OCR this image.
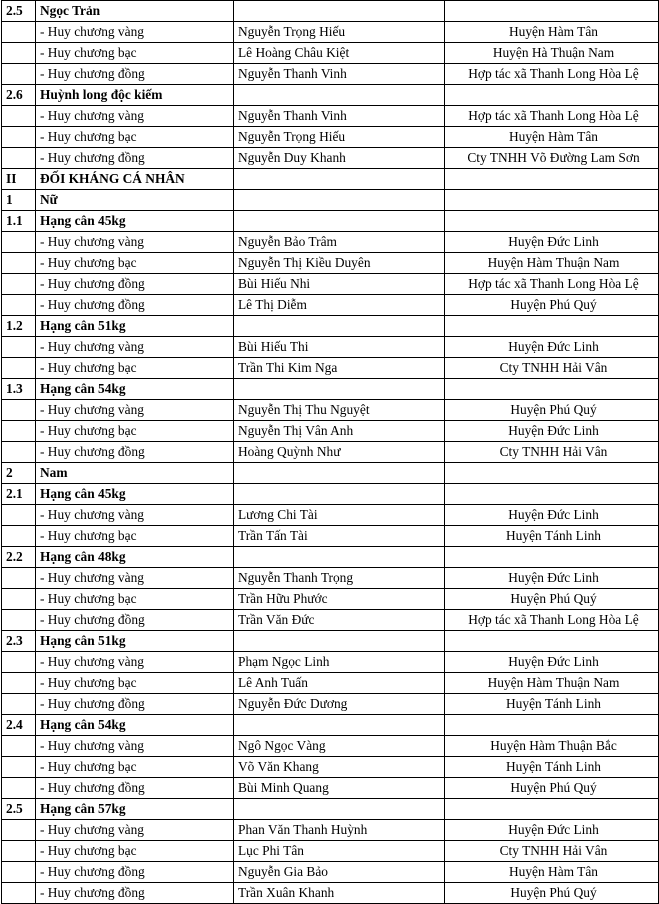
2.5	Ngọc Trản		
	- Huy chương vàng	Nguyễn Trọng Hiếu	Huyện Hàm Tân
	- Huy chương bạc	Lê Hoàng Châu Kiệt	Huyện Hà Thuận Nam
	- Huy chương đồng	Nguyễn Thanh Vinh	Hợp tác xã Thanh Long Hòa Lệ
2.6	Huỳnh long độc kiếm		
	- Huy chương vàng	Nguyễn Thanh Vinh	Hợp tác xã Thanh Long Hòa Lệ
	- Huy chương bạc	Nguyễn Trọng Hiếu	Huyện Hàm Tân
	- Huy chương đồng	Nguyễn Duy Khanh	Cty TNHH Võ Đường Lam Sơn
II	ĐỐI KHÁNG CÁ NHÂN		
1	Nữ		
1.1	Hạng cân 45kg		
	- Huy chương vàng	Nguyễn Bảo Trâm	Huyện Đức Linh
	- Huy chương bạc	Nguyễn Thị Kiều Duyên	Huyện Hàm Thuận Nam
	- Huy chương đồng	Bùi Hiếu Nhi	Hợp tác xã Thanh Long Hòa Lệ
	- Huy chương đồng	Lê Thị Diễm	Huyện Phú Quý
1.2	Hạng cân 51kg		
	- Huy chương vàng	Bùi Hiếu Thi	Huyện Đức Linh
	- Huy chương bạc	Trần Thi Kim Nga	Cty TNHH Hải Vân
1.3	Hạng cân 54kg		
	- Huy chương vàng	Nguyễn Thị Thu Nguyệt	Huyện Phú Quý
	- Huy chương bạc	Nguyễn Thị Vân Anh	Huyện Đức Linh
	- Huy chương đồng	Hoàng Quỳnh Như	Cty TNHH Hải Vân
2	Nam		
2.1	Hạng cân 45kg		
	- Huy chương vàng	Lương Chi Tài	Huyện Đức Linh
	- Huy chương bạc	Trần Tấn Tài	Huyện Tánh Linh
2.2	Hạng cân 48kg		
	- Huy chương vàng	Nguyễn Thanh Trọng	Huyện Đức Linh
	- Huy chương bạc	Trần Hữu Phước	Huyện Phú Quý
	- Huy chương đồng	Trần Văn Đức	Hợp tác xã Thanh Long Hòa Lệ
2.3	Hạng cân 51kg		
	- Huy chương vàng	Phạm Ngọc Linh	Huyện Đức Linh
	- Huy chương bạc	Lê Anh Tuấn	Huyện Hàm Thuận Nam
	- Huy chương đồng	Nguyễn Đức Dương	Huyện Tánh Linh
2.4	Hạng cân 54kg		
	- Huy chương vàng	Ngô Ngọc Vàng	Huyện Hàm Thuận Bắc
	- Huy chương bạc	Võ Văn Khang	Huyện Tánh Linh
	- Huy chương đồng	Bùi Minh Quang	Huyện Phú Quý
2.5	Hạng cân 57kg		
	- Huy chương vàng	Phan Văn Thanh Huỳnh	Huyện Đức Linh
	- Huy chương bạc	Lục Phi Tân	Cty TNHH Hải Vân
	- Huy chương đồng	Nguyễn Gia Bảo	Huyện Hàm Tân
	- Huy chương đồng	Trần Xuân Khanh	Huyện Phú Quý
